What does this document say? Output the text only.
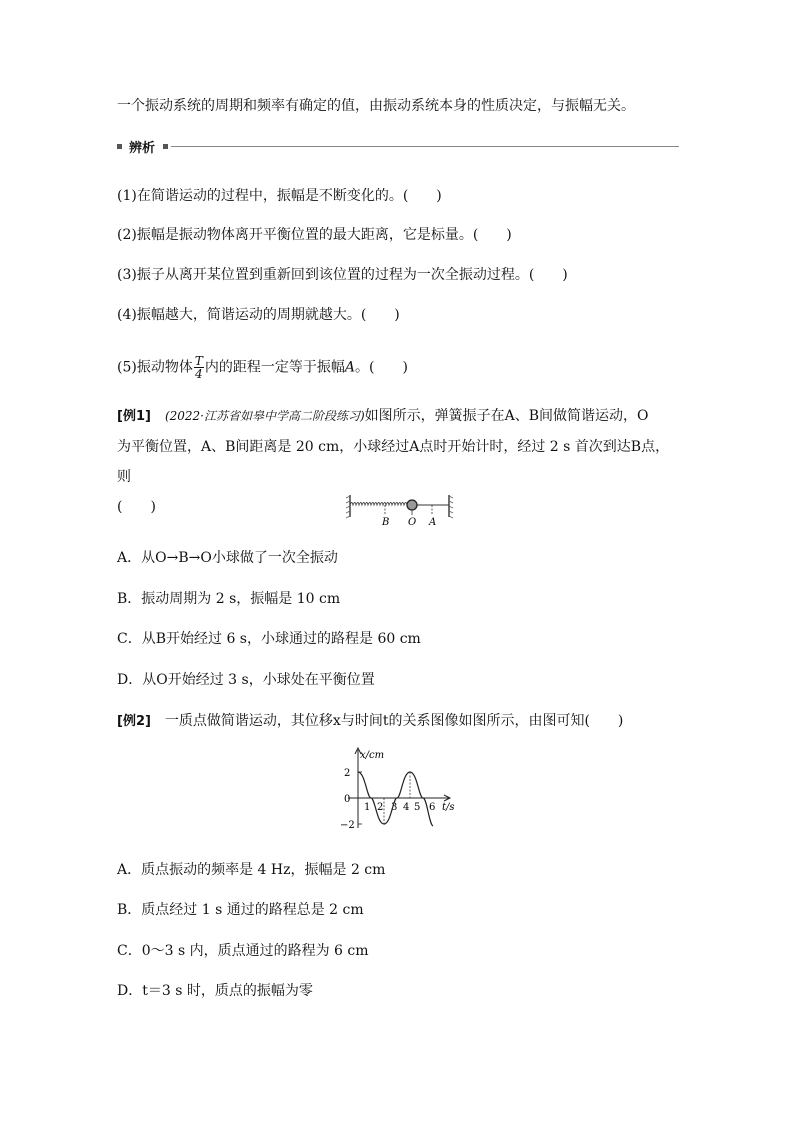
一个振动系统的周期和频率有确定的值，由振动系统本身的性质决定，与振幅无关。
辨析
(1)在简谐运动的过程中，振幅是不断变化的。(　　)
(2)振幅是振动物体离开平衡位置的最大距离，它是标量。(　　)
(3)振子从离开某位置到重新回到该位置的过程为一次全振动过程。(　　)
(4)振幅越大，简谐运动的周期就越大。(　　)
(5)振动物体 $\frac{T}{4}$ 内的距程一定等于振幅A。(　　)
[例1]　 (2022·江苏省如皋中学高二阶段练习)如图所示，弹簧振子在A、B间做简谐运动，O
为平衡位置，A、B间距离是 20 cm，小球经过A点时开始计时，经过 2 s 首次到达B点，则
(　　)
B O A
A．从O→B→O小球做了一次全振动
B．振动周期为 2 s，振幅是 10 cm
C．从B开始经过 6 s，小球通过的路程是 60 cm
D．从O开始经过 3 s，小球处在平衡位置
[例2]　 一质点做简谐运动，其位移x与时间t的关系图像如图所示，由图可知(　　)
x/cm
t/s
2
0
−2
1 2 3 4 5 6
A．质点振动的频率是 4 Hz，振幅是 2 cm
B．质点经过 1 s 通过的路程总是 2 cm
C．0～3 s 内，质点通过的路程为 6 cm
D．t＝3 s 时，质点的振幅为零
